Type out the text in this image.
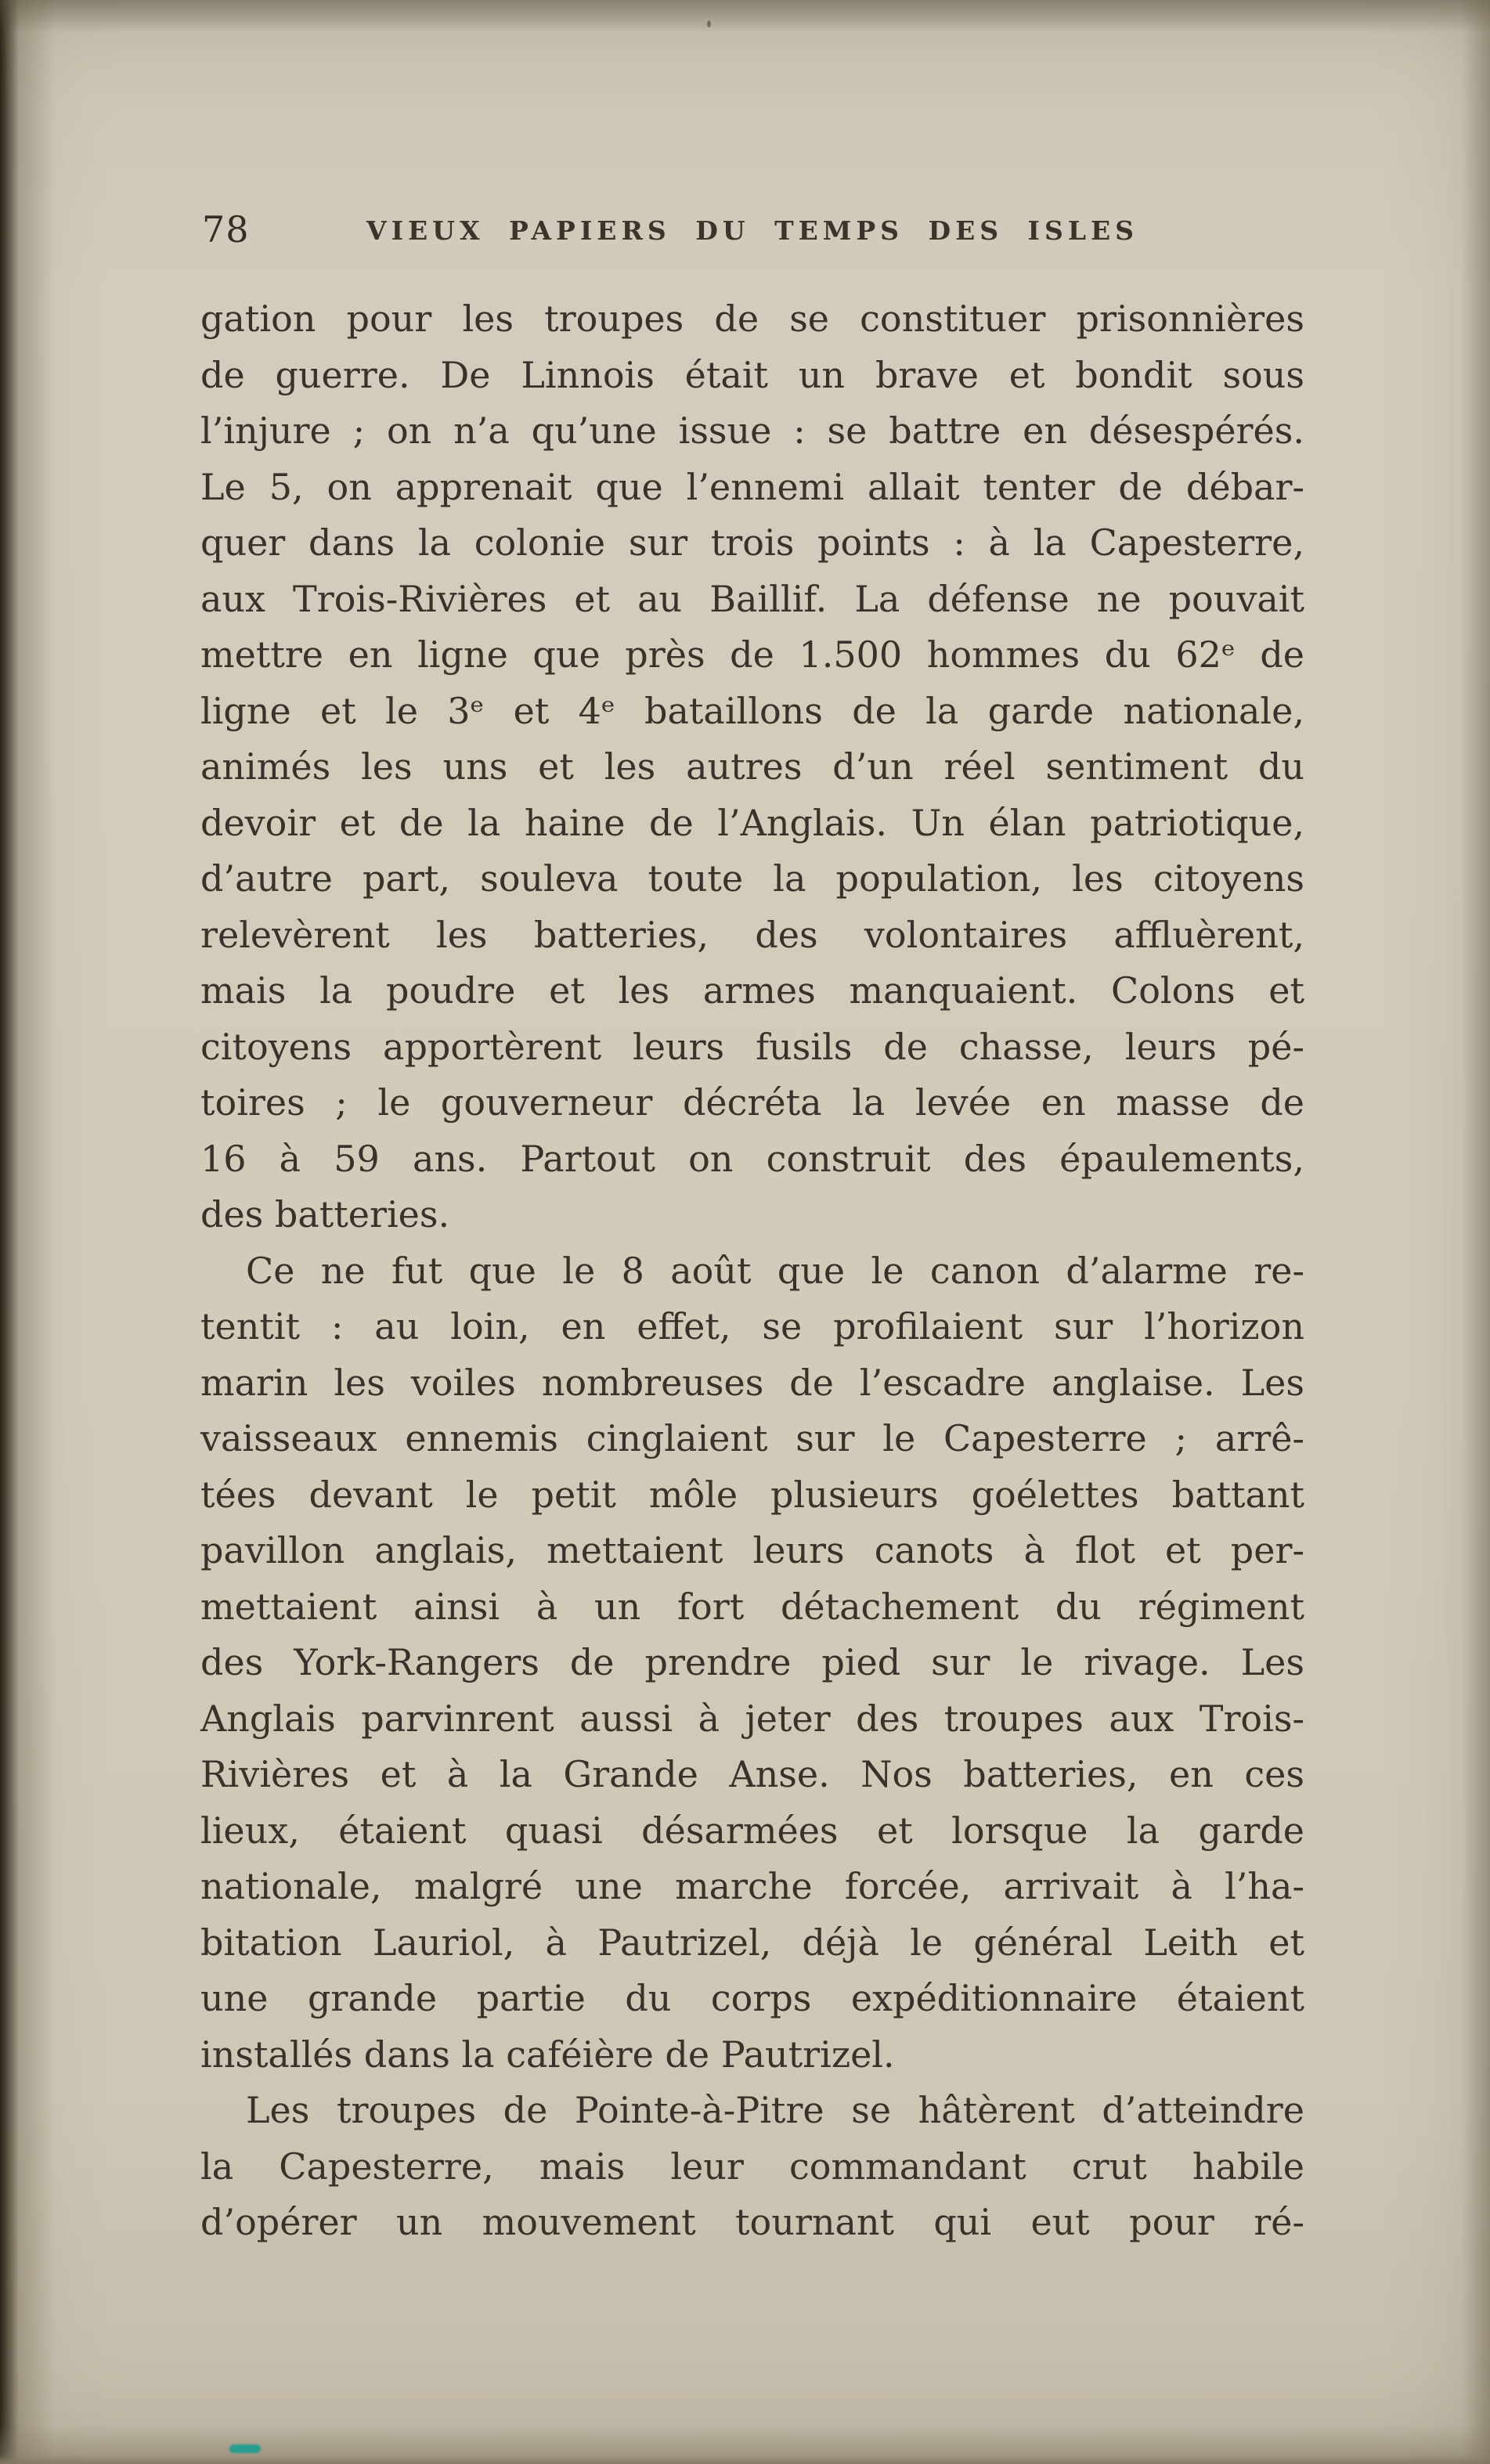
78	VIEUX PAPIERS DU TEMPS DES ISLES
gation pour les troupes de se constituer prisonnières
de guerre. De Linnois était un brave et bondit sous
l’injure ; on n’a qu’une issue : se battre en désespérés.
Le 5, on apprenait que l’ennemi allait tenter de débar-
quer dans la colonie sur trois points : à la Capesterre,
aux Trois-Rivières et au Baillif. La défense ne pouvait
mettre en ligne que près de 1.500 hommes du 62ᵉ de
ligne et le 3ᵉ et 4ᵉ bataillons de la garde nationale,
animés les uns et les autres d’un réel sentiment du
devoir et de la haine de l’Anglais. Un élan patriotique,
d’autre part, souleva toute la population, les citoyens
relevèrent les batteries, des volontaires affluèrent,
mais la poudre et les armes manquaient. Colons et
citoyens apportèrent leurs fusils de chasse, leurs pé-
toires ; le gouverneur décréta la levée en masse de
16 à 59 ans. Partout on construit des épaulements,
des batteries.
Ce ne fut que le 8 août que le canon d’alarme re-
tentit : au loin, en effet, se profilaient sur l’horizon
marin les voiles nombreuses de l’escadre anglaise. Les
vaisseaux ennemis cinglaient sur le Capesterre ; arrê-
tées devant le petit môle plusieurs goélettes battant
pavillon anglais, mettaient leurs canots à flot et per-
mettaient ainsi à un fort détachement du régiment
des York-Rangers de prendre pied sur le rivage. Les
Anglais parvinrent aussi à jeter des troupes aux Trois-
Rivières et à la Grande Anse. Nos batteries, en ces
lieux, étaient quasi désarmées et lorsque la garde
nationale, malgré une marche forcée, arrivait à l’ha-
bitation Lauriol, à Pautrizel, déjà le général Leith et
une grande partie du corps expéditionnaire étaient
installés dans la caféière de Pautrizel.
Les troupes de Pointe-à-Pitre se hâtèrent d’atteindre
la Capesterre, mais leur commandant crut habile
d’opérer un mouvement tournant qui eut pour ré-
